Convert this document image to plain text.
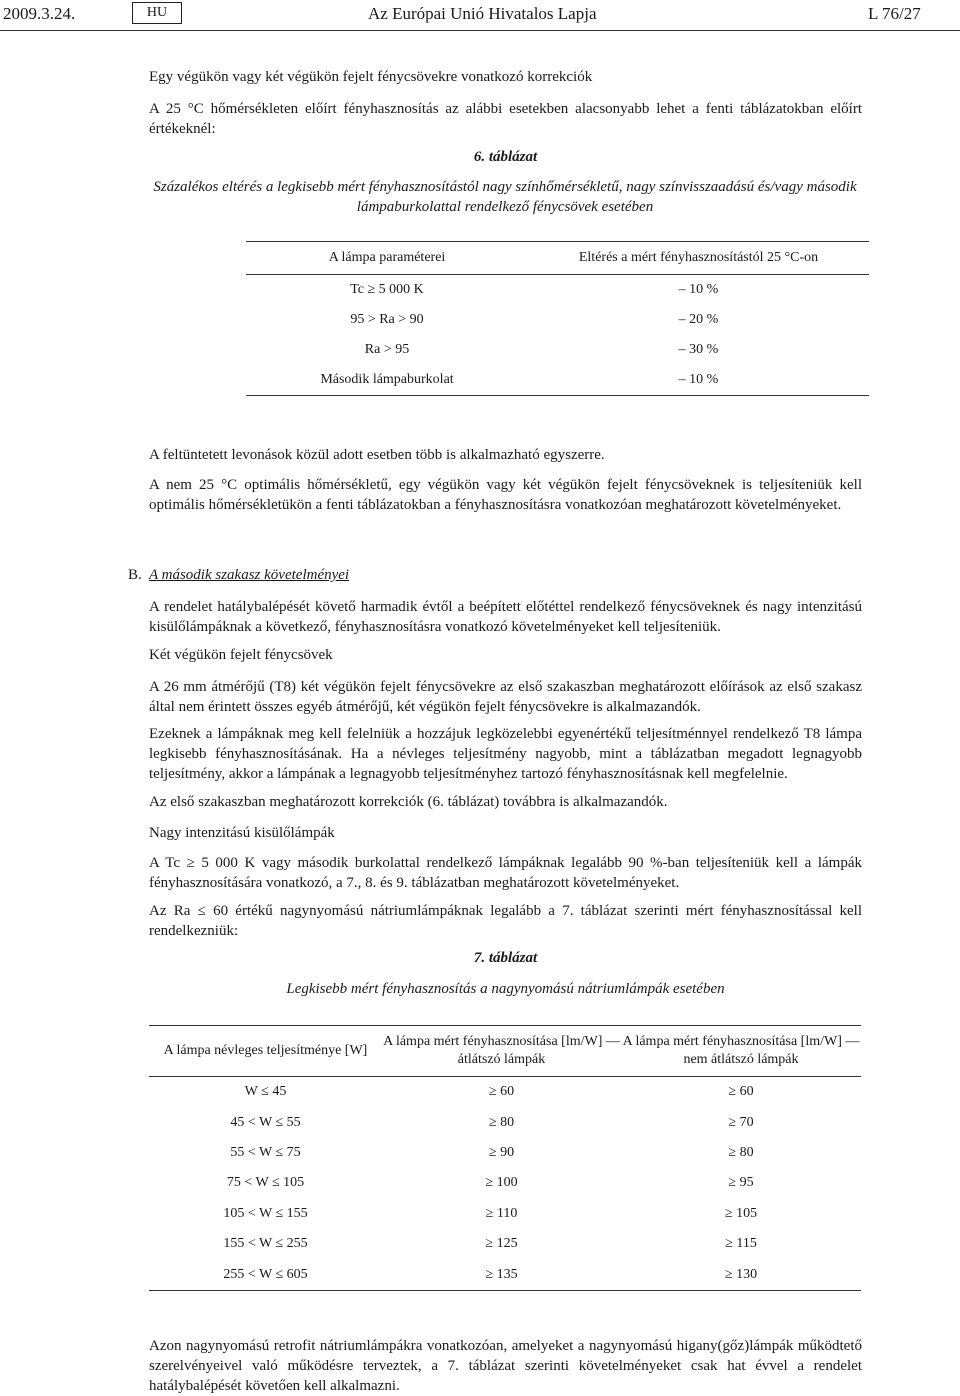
2009.3.24.	HU	Az Európai Unió Hivatalos Lapja	L 76/27
Egy végükön vagy két végükön fejelt fénycsövekre vonatkozó korrekciók
A 25 °C hőmérsékleten előírt fényhasznosítás az alábbi esetekben alacsonyabb lehet a fenti táblázatokban előírt értékeknél:
6. táblázat
Százalékos eltérés a legkisebb mért fényhasznosítástól nagy színhőmérsékletű, nagy színvisszaadású és/vagy második lámpaburkolattal rendelkező fénycsövek esetében
A lámpa paraméterei	Eltérés a mért fényhasznosítástól 25 °C-on
Tc ≥ 5 000 K	– 10 %
95 > Ra > 90	– 20 %
Ra > 95	– 30 %
Második lámpaburkolat	– 10 %
A feltüntetett levonások közül adott esetben több is alkalmazható egyszerre.
A nem 25 °C optimális hőmérsékletű, egy végükön vagy két végükön fejelt fénycsöveknek is teljesíteniük kell optimális hőmérsékletükön a fenti táblázatokban a fényhasznosításra vonatkozóan meghatározott követelményeket.
B. A második szakasz követelményei
A rendelet hatálybalépését követő harmadik évtől a beépített előtéttel rendelkező fénycsöveknek és nagy intenzitású kisülőlámpáknak a következő, fényhasznosításra vonatkozó követelményeket kell teljesíteniük.
Két végükön fejelt fénycsövek
A 26 mm átmérőjű (T8) két végükön fejelt fénycsövekre az első szakaszban meghatározott előírások az első szakasz által nem érintett összes egyéb átmérőjű, két végükön fejelt fénycsövekre is alkalmazandók.
Ezeknek a lámpáknak meg kell felelniük a hozzájuk legközelebbi egyenértékű teljesítménnyel rendelkező T8 lámpa legkisebb fényhasznosításának. Ha a névleges teljesítmény nagyobb, mint a táblázatban megadott legnagyobb teljesítmény, akkor a lámpának a legnagyobb teljesítményhez tartozó fényhasznosításnak kell megfelelnie.
Az első szakaszban meghatározott korrekciók (6. táblázat) továbbra is alkalmazandók.
Nagy intenzitású kisülőlámpák
A Tc ≥ 5 000 K vagy második burkolattal rendelkező lámpáknak legalább 90 %-ban teljesíteniük kell a lámpák fényhasznosítására vonatkozó, a 7., 8. és 9. táblázatban meghatározott követelményeket.
Az Ra ≤ 60 értékű nagynyomású nátriumlámpáknak legalább a 7. táblázat szerinti mért fényhasznosítással kell rendelkezniük:
7. táblázat
Legkisebb mért fényhasznosítás a nagynyomású nátriumlámpák esetében
A lámpa névleges teljesítménye [W]	A lámpa mért fényhasznosítása [lm/W] — átlátszó lámpák	A lámpa mért fényhasznosítása [lm/W] — nem átlátszó lámpák
W ≤ 45	≥ 60	≥ 60
45 < W ≤ 55	≥ 80	≥ 70
55 < W ≤ 75	≥ 90	≥ 80
75 < W ≤ 105	≥ 100	≥ 95
105 < W ≤ 155	≥ 110	≥ 105
155 < W ≤ 255	≥ 125	≥ 115
255 < W ≤ 605	≥ 135	≥ 130
Azon nagynyomású retrofit nátriumlámpákra vonatkozóan, amelyeket a nagynyomású higany(gőz)lámpák működtető szerelvényeivel való működésre terveztek, a 7. táblázat szerinti követelményeket csak hat évvel a rendelet hatálybalépését követően kell alkalmazni.
